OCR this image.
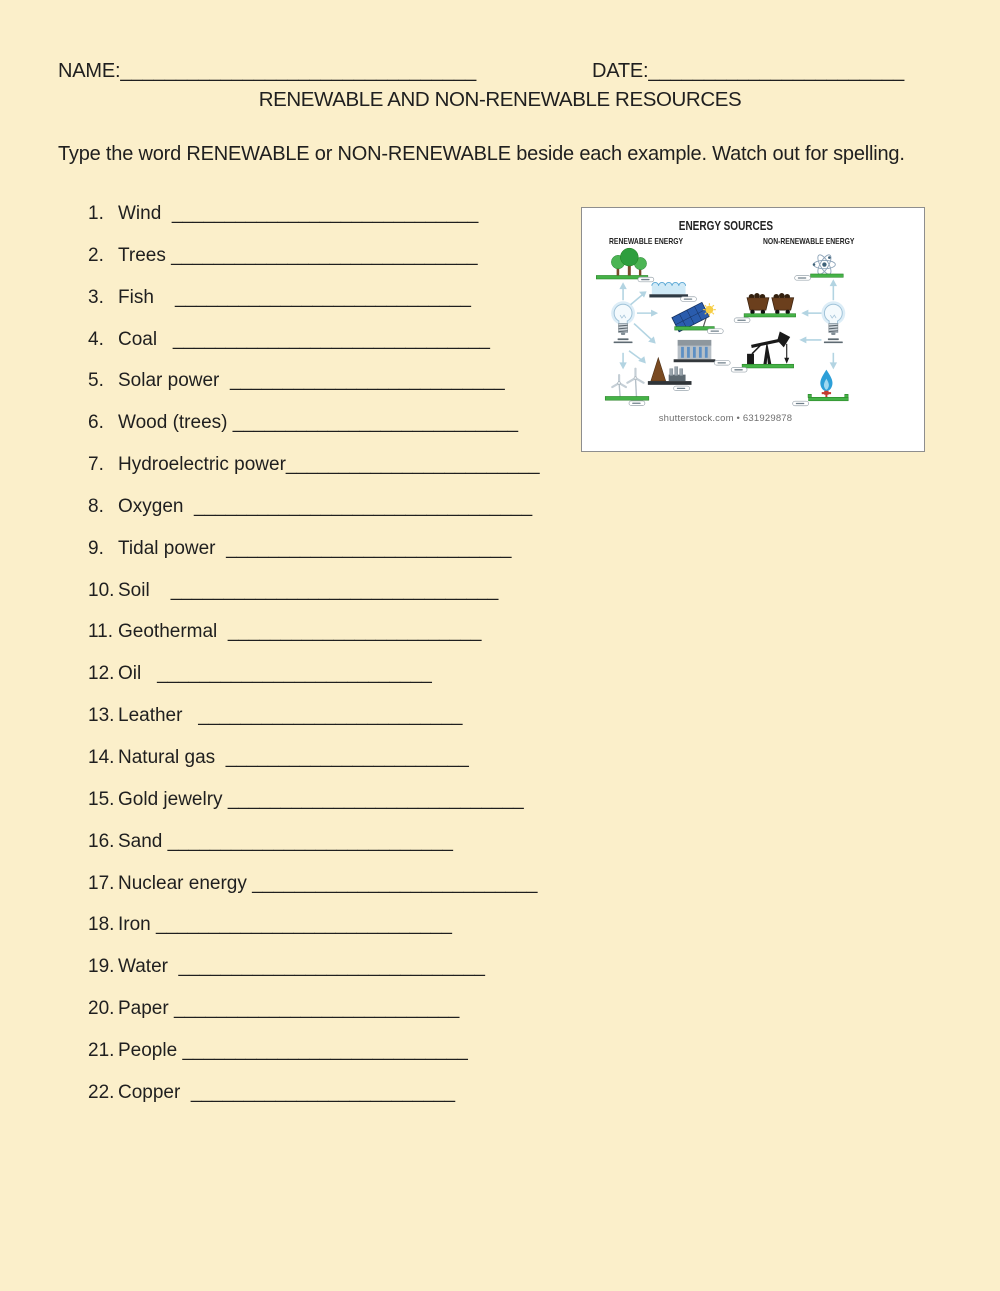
NAME:________________________________	DATE:_______________________
RENEWABLE AND NON-RENEWABLE RESOURCES
Type the word RENEWABLE or NON-RENEWABLE beside each example. Watch out for spelling.
1. Wind  _____________________________
2. Trees _____________________________
3. Fish    ____________________________
4. Coal   ______________________________
5. Solar power  __________________________
6. Wood (trees) ___________________________
7. Hydroelectric power________________________
8. Oxygen  ________________________________
9. Tidal power  ___________________________
10. Soil    _______________________________
11. Geothermal  ________________________
12. Oil   __________________________
13. Leather   _________________________
14. Natural gas  _______________________
15. Gold jewelry ____________________________
16. Sand ___________________________
17. Nuclear energy ___________________________
18. Iron ____________________________
19. Water  _____________________________
20. Paper ___________________________
21. People ___________________________
22. Copper  _________________________
ENERGY SOURCES
RENEWABLE ENERGY	NON-RENEWABLE ENERGY
shutterstock.com • 631929878
